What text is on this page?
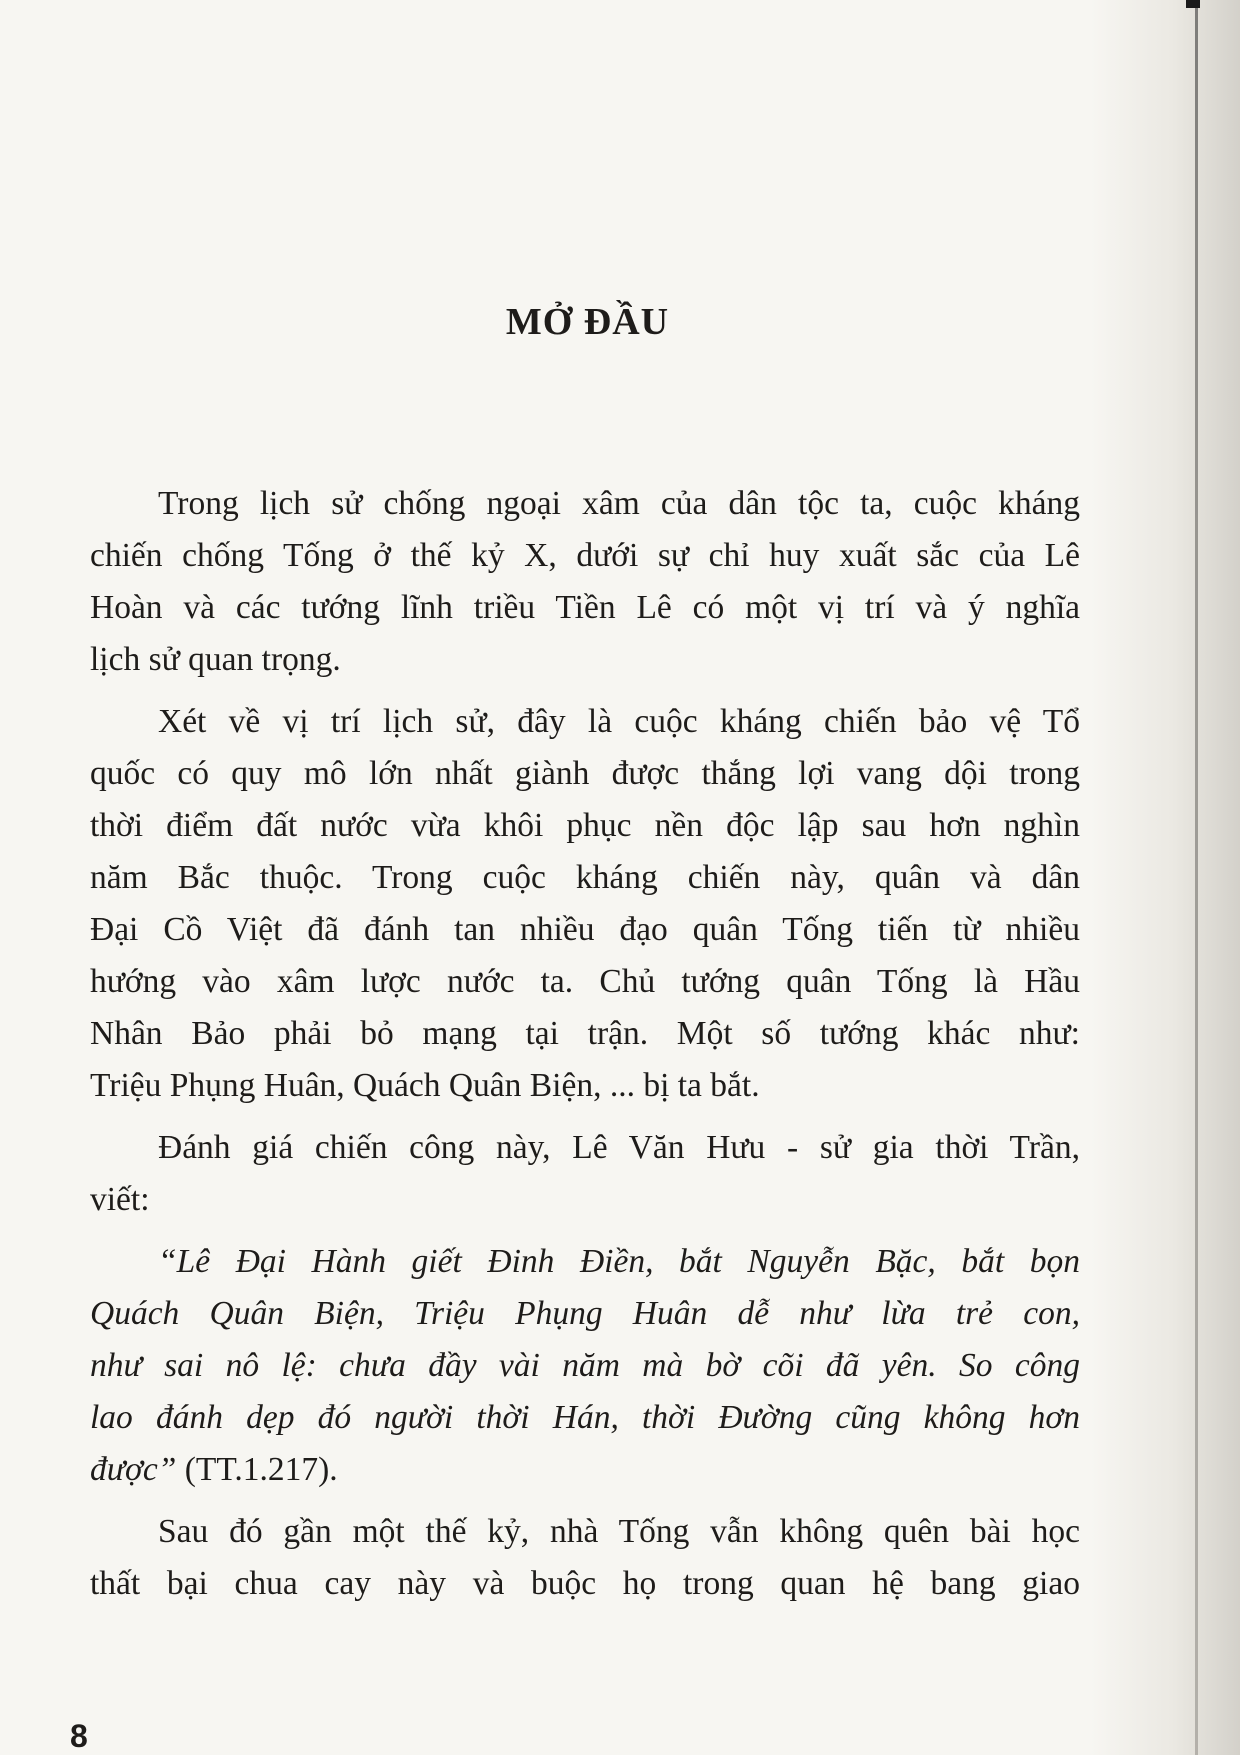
MỞ ĐẦU
Trong lịch sử chống ngoại xâm của dân tộc ta, cuộc kháng
chiến chống Tống ở thế kỷ X, dưới sự chỉ huy xuất sắc của Lê
Hoàn và các tướng lĩnh triều Tiền Lê có một vị trí và ý nghĩa
lịch sử quan trọng.
Xét về vị trí lịch sử, đây là cuộc kháng chiến bảo vệ Tổ
quốc có quy mô lớn nhất giành được thắng lợi vang dội trong
thời điểm đất nước vừa khôi phục nền độc lập sau hơn nghìn
năm Bắc thuộc. Trong cuộc kháng chiến này, quân và dân
Đại Cồ Việt đã đánh tan nhiều đạo quân Tống tiến từ nhiều
hướng vào xâm lược nước ta. Chủ tướng quân Tống là Hầu
Nhân Bảo phải bỏ mạng tại trận. Một số tướng khác như:
Triệu Phụng Huân, Quách Quân Biện, ... bị ta bắt.
Đánh giá chiến công này, Lê Văn Hưu - sử gia thời Trần,
viết:
“Lê Đại Hành giết Đinh Điền, bắt Nguyễn Bặc, bắt bọn
Quách Quân Biện, Triệu Phụng Huân dễ như lừa trẻ con,
như sai nô lệ: chưa đầy vài năm mà bờ cõi đã yên. So công
lao đánh dẹp đó người thời Hán, thời Đường cũng không hơn
được” (TT.1.217).
Sau đó gần một thế kỷ, nhà Tống vẫn không quên bài học
thất bại chua cay này và buộc họ trong quan hệ bang giao
8
